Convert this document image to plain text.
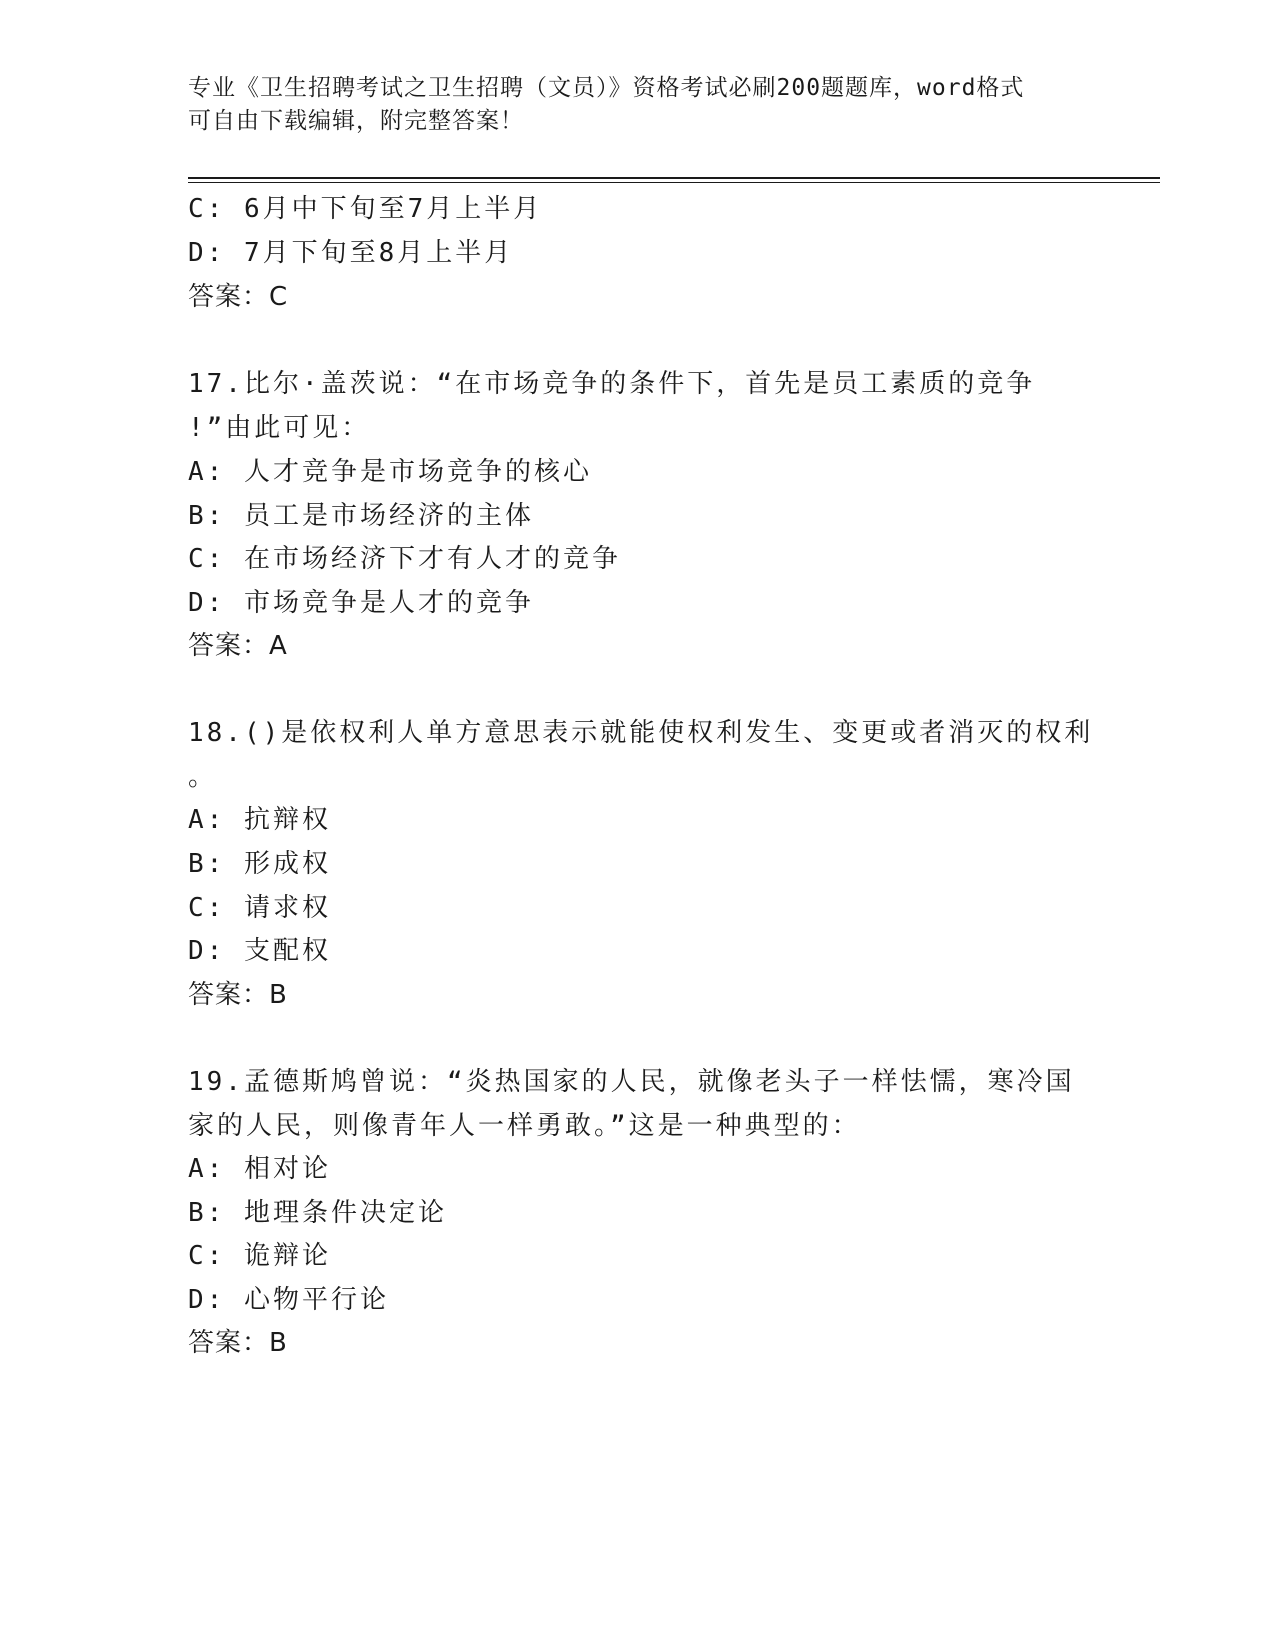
专业《卫生招聘考试之卫生招聘（文员）》资格考试必刷200题题库，word格式
可自由下载编辑，附完整答案！

C: 6月中下旬至7月上半月

D: 7月下旬至8月上半月

答案：C

17.比尔·盖茨说：“在市场竞争的条件下，首先是员工素质的竞争

!”由此可见：

A: 人才竞争是市场竞争的核心

B: 员工是市场经济的主体

C: 在市场经济下才有人才的竞争

D: 市场竞争是人才的竞争

答案：A

18.()是依权利人单方意思表示就能使权利发生、变更或者消灭的权利

。

A: 抗辩权

B: 形成权

C: 请求权

D: 支配权

答案：B

19.孟德斯鸠曾说：“炎热国家的人民，就像老头子一样怯懦，寒冷国

家的人民，则像青年人一样勇敢。”这是一种典型的：

A: 相对论

B: 地理条件决定论

C: 诡辩论

D: 心物平行论

答案：B
